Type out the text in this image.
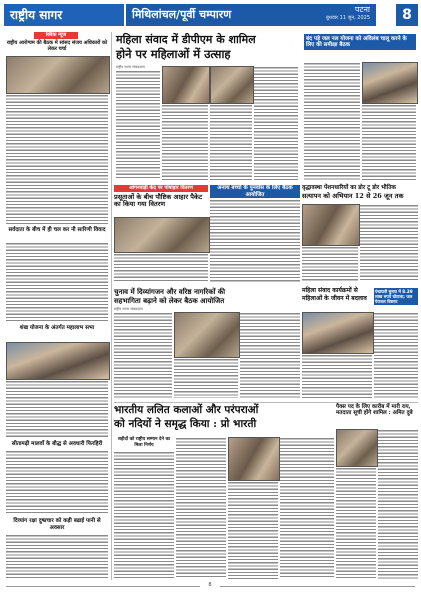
राष्ट्रीय सागर	मिथिलांचल/पूर्वी चम्पारण	पटना
बुधवार 11 जून, 2025	8
क्विक न्यूज
राष्ट्रीय आरोग्यम की बैठक में सांसद संजय अधिकारों को लेकर चर्चा
सर्वदाता के बीच में ही चल कर नौ सारिणी विवाद
शंख योजना के अंतर्गत महालाभ सभा
सीतामढ़ी मालवाँ के बौद्ध से अवधारी फिरहिरी
दिव्यांग रक्षा दुष्प्रचार को कड़ी बढाई पानी से अवसार
महिला संवाद में डीपीएम के शामिल
होने पर महिलाओं में उत्साह
राष्ट्रीय सागर संवाददाता
बंद पड़े जल नल योजना को अविलंब चालू करने के लिए की समीक्षा बैठक
आंगनवाड़ी केंद्र पर पोषाहार वितरण
प्रसूताओं के बीच पौष्टिक आहार पैकेट का किया गया वितरण
अनाथ बच्चों के पुनर्वास के लिए बैठक आयोजित
वृद्धावस्था पेंशनधारियों का डोर टू डोर भौतिक
सत्यापन को अभियान 12 से 26 जून तक
चुनाव में दिव्यांगजन और वरिष्ठ नागरिकों की
सहभागिता बढ़ाने को लेकर बैठक आयोजित
राष्ट्रीय सागर संवाददाता
महिला संवाद कार्यक्रमों से
महिलाओं के जीवन में बदलाव
पंचायती चुनाव में 8.39 लाख रुपये घोटाला; जल पेयजल विस्तार
भारतीय ललित कलाओं और परंपराओं
को नदियों ने समृद्ध किया : प्रो भारती
शहीदों को राष्ट्रीय सम्मान देने का मिला निर्णय
पैक्स पद के लिए कारीब में मारी राय, मतदाता सूची होंगे शामिल : अमित दुबे
8
